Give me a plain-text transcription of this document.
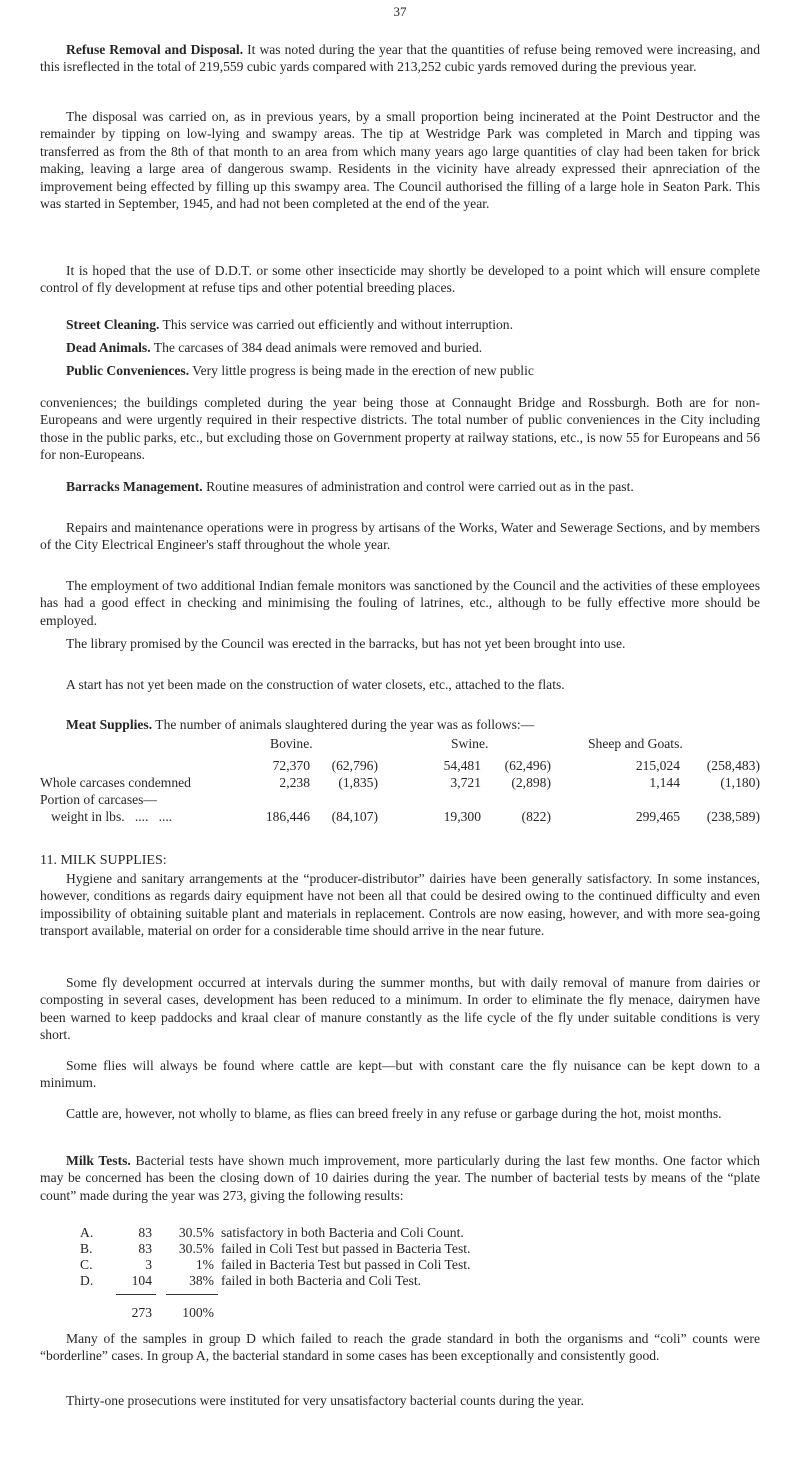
37

Refuse Removal and Disposal. It was noted during the year that the quantities of refuse being removed were increasing, and this isreflected in the total of 219,559 cubic yards compared with 213,252 cubic yards removed during the previous year.

The disposal was carried on, as in previous years, by a small proportion being incinerated at the Point Destructor and the remainder by tipping on low-lying and swampy areas. The tip at Westridge Park was completed in March and tipping was transferred as from the 8th of that month to an area from which many years ago large quantities of clay had been taken for brick making, leaving a large area of dangerous swamp. Residents in the vicinity have already expressed their apnreciation of the improvement being effected by filling up this swampy area. The Council authorised the filling of a large hole in Seaton Park. This was started in September, 1945, and had not been completed at the end of the year.

It is hoped that the use of D.D.T. or some other insecticide may shortly be developed to a point which will ensure complete control of fly development at refuse tips and other potential breeding places.

Street Cleaning. This service was carried out efficiently and without interruption.

Dead Animals. The carcases of 384 dead animals were removed and buried.

Public Conveniences. Very little progress is being made in the erection of new public

conveniences; the buildings completed during the year being those at Connaught Bridge and Rossburgh. Both are for non-Europeans and were urgently required in their respective districts. The total number of public conveniences in the City including those in the public parks, etc., but excluding those on Government property at railway stations, etc., is now 55 for Europeans and 56 for non-Europeans.

Barracks Management. Routine measures of administration and control were carried out as in the past.

Repairs and maintenance operations were in progress by artisans of the Works, Water and Sewerage Sections, and by members of the City Electrical Engineer's staff throughout the whole year.

The employment of two additional Indian female monitors was sanctioned by the Council and the activities of these employees has had a good effect in checking and minimising the fouling of latrines, etc., although to be fully effective more should be employed.

The library promised by the Council was erected in the barracks, but has not yet been brought into use.

A start has not yet been made on the construction of water closets, etc., attached to the flats.

Meat Supplies. The number of animals slaughtered during the year was as follows:—

Bovine.	Swine.	Sheep and Goats.
72,370	(62,796)	54,481	(62,496)	215,024	(258,483)
Whole carcases condemned	2,238	(1,835)	3,721	(2,898)	1,144	(1,180)
Portion of carcases—
weight in lbs.   ....   ....	186,446	(84,107)	19,300	(822)	299,465	(238,589)

11. MILK SUPPLIES:

Hygiene and sanitary arrangements at the “producer-distributor” dairies have been generally satisfactory. In some instances, however, conditions as regards dairy equipment have not been all that could be desired owing to the continued difficulty and even impossibility of obtaining suitable plant and materials in replacement. Controls are now easing, however, and with more sea-going transport available, material on order for a considerable time should arrive in the near future.

Some fly development occurred at intervals during the summer months, but with daily removal of manure from dairies or composting in several cases, development has been reduced to a minimum. In order to eliminate the fly menace, dairymen have been warned to keep paddocks and kraal clear of manure constantly as the life cycle of the fly under suitable conditions is very short.

Some flies will always be found where cattle are kept—but with constant care the fly nuisance can be kept down to a minimum.

Cattle are, however, not wholly to blame, as flies can breed freely in any refuse or garbage during the hot, moist months.

Milk Tests. Bacterial tests have shown much improvement, more particularly during the last few months. One factor which may be concerned has been the closing down of 10 dairies during the year. The number of bacterial tests by means of the “plate count” made during the year was 273, giving the following results:

A.	83	30.5% satisfactory in both Bacteria and Coli Count.
B.	83	30.5% failed in Coli Test but passed in Bacteria Test.
C.	3	1% failed in Bacteria Test but passed in Coli Test.
D.	104	38% failed in both Bacteria and Coli Test.
273	100%

Many of the samples in group D which failed to reach the grade standard in both the organisms and “coli” counts were “borderline” cases. In group A, the bacterial standard in some cases has been exceptionally and consistently good.

Thirty-one prosecutions were instituted for very unsatisfactory bacterial counts during the year.
